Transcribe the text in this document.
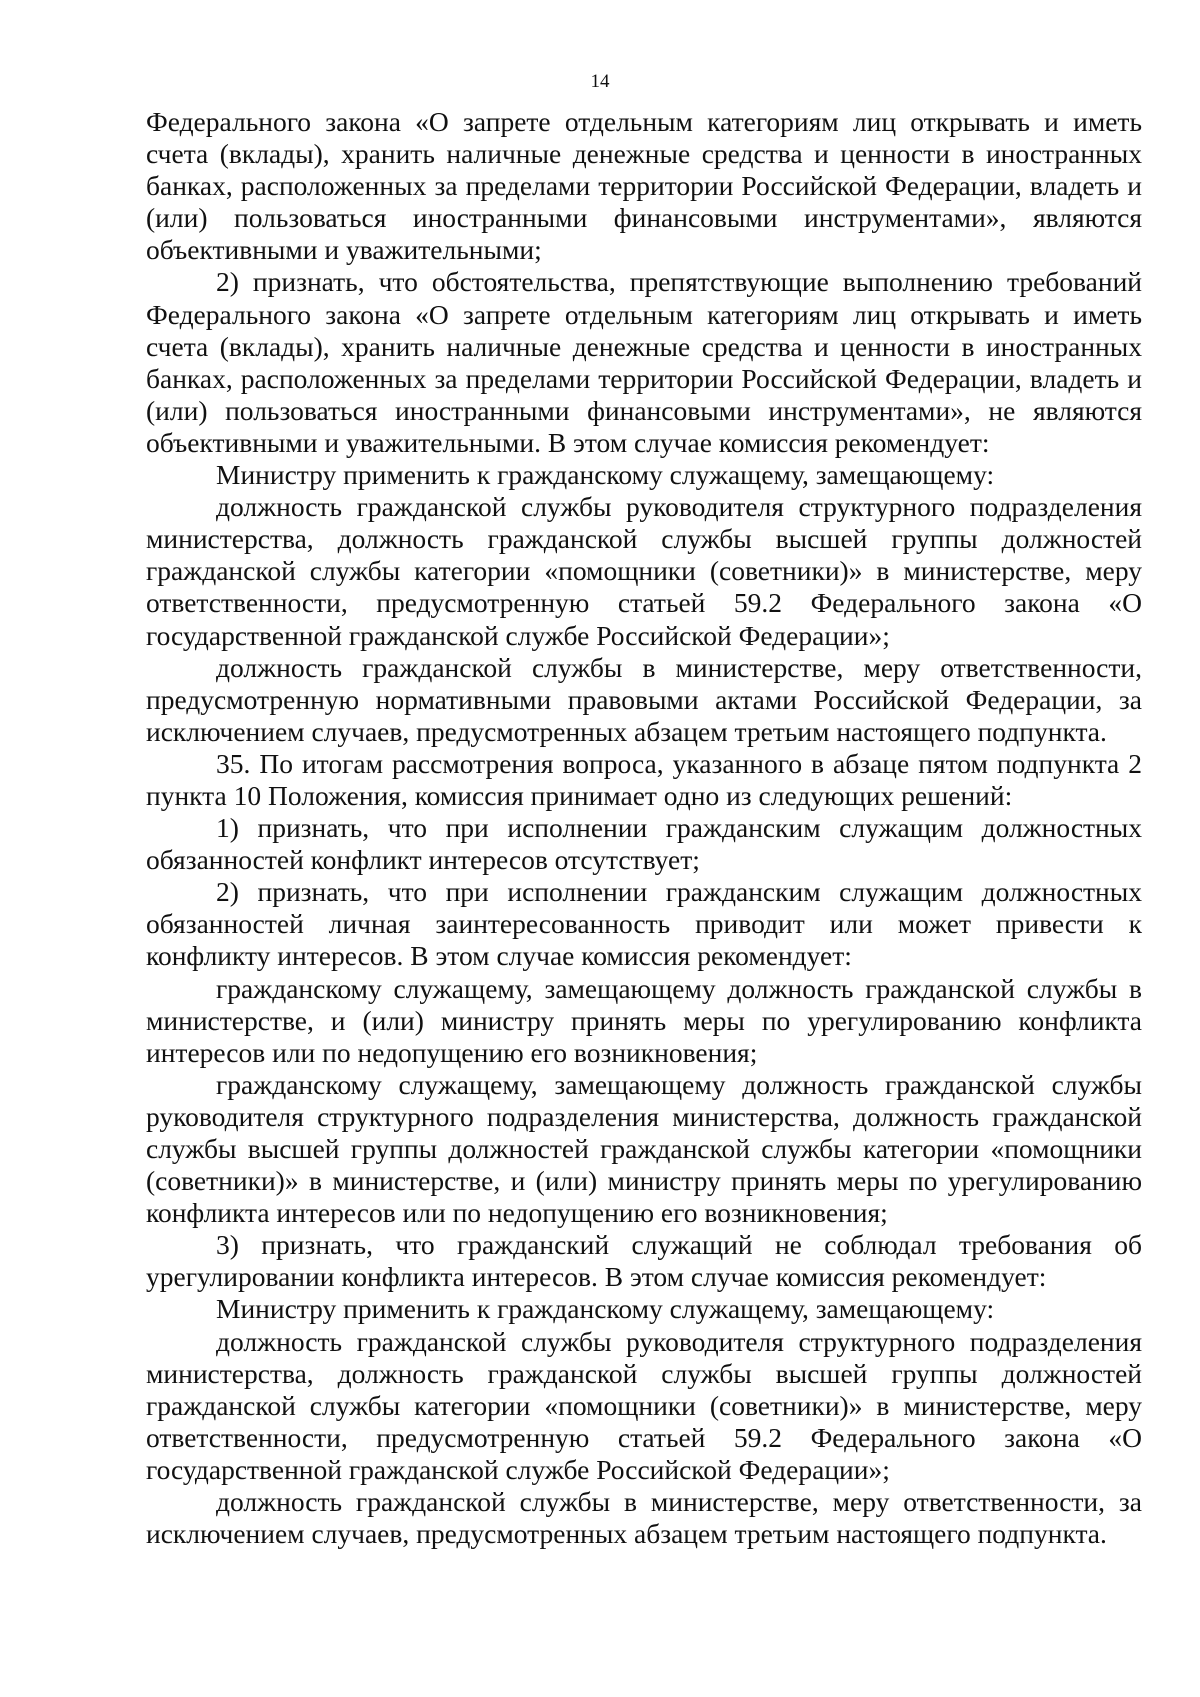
14

Федерального закона «О запрете отдельным категориям лиц открывать и иметь счета (вклады), хранить наличные денежные средства и ценности в иностранных банках, расположенных за пределами территории Российской Федерации, владеть и (или) пользоваться иностранными финансовыми инструментами», являются объективными и уважительными;

2) признать, что обстоятельства, препятствующие выполнению требований Федерального закона «О запрете отдельным категориям лиц открывать и иметь счета (вклады), хранить наличные денежные средства и ценности в иностранных банках, расположенных за пределами территории Российской Федерации, владеть и (или) пользоваться иностранными финансовыми инструментами», не являются объективными и уважительными. В этом случае комиссия рекомендует:

Министру применить к гражданскому служащему, замещающему:

должность гражданской службы руководителя структурного подразделения министерства, должность гражданской службы высшей группы должностей гражданской службы категории «помощники (советники)» в министерстве, меру ответственности, предусмотренную статьей 59.2 Федерального закона «О государственной гражданской службе Российской Федерации»;

должность гражданской службы в министерстве, меру ответственности, предусмотренную нормативными правовыми актами Российской Федерации, за исключением случаев, предусмотренных абзацем третьим настоящего подпункта.

35. По итогам рассмотрения вопроса, указанного в абзаце пятом подпункта 2 пункта 10 Положения, комиссия принимает одно из следующих решений:

1) признать, что при исполнении гражданским служащим должностных обязанностей конфликт интересов отсутствует;

2) признать, что при исполнении гражданским служащим должностных обязанностей личная заинтересованность приводит или может привести к конфликту интересов. В этом случае комиссия рекомендует:

гражданскому служащему, замещающему должность гражданской службы в министерстве, и (или) министру принять меры по урегулированию конфликта интересов или по недопущению его возникновения;

гражданскому служащему, замещающему должность гражданской службы руководителя структурного подразделения министерства, должность гражданской службы высшей группы должностей гражданской службы категории «помощники (советники)» в министерстве, и (или) министру принять меры по урегулированию конфликта интересов или по недопущению его возникновения;

3) признать, что гражданский служащий не соблюдал требования об урегулировании конфликта интересов. В этом случае комиссия рекомендует:

Министру применить к гражданскому служащему, замещающему:

должность гражданской службы руководителя структурного подразделения министерства, должность гражданской службы высшей группы должностей гражданской службы категории «помощники (советники)» в министерстве, меру ответственности, предусмотренную статьей 59.2 Федерального закона «О государственной гражданской службе Российской Федерации»;

должность гражданской службы в министерстве, меру ответственности, за исключением случаев, предусмотренных абзацем третьим настоящего подпункта.
